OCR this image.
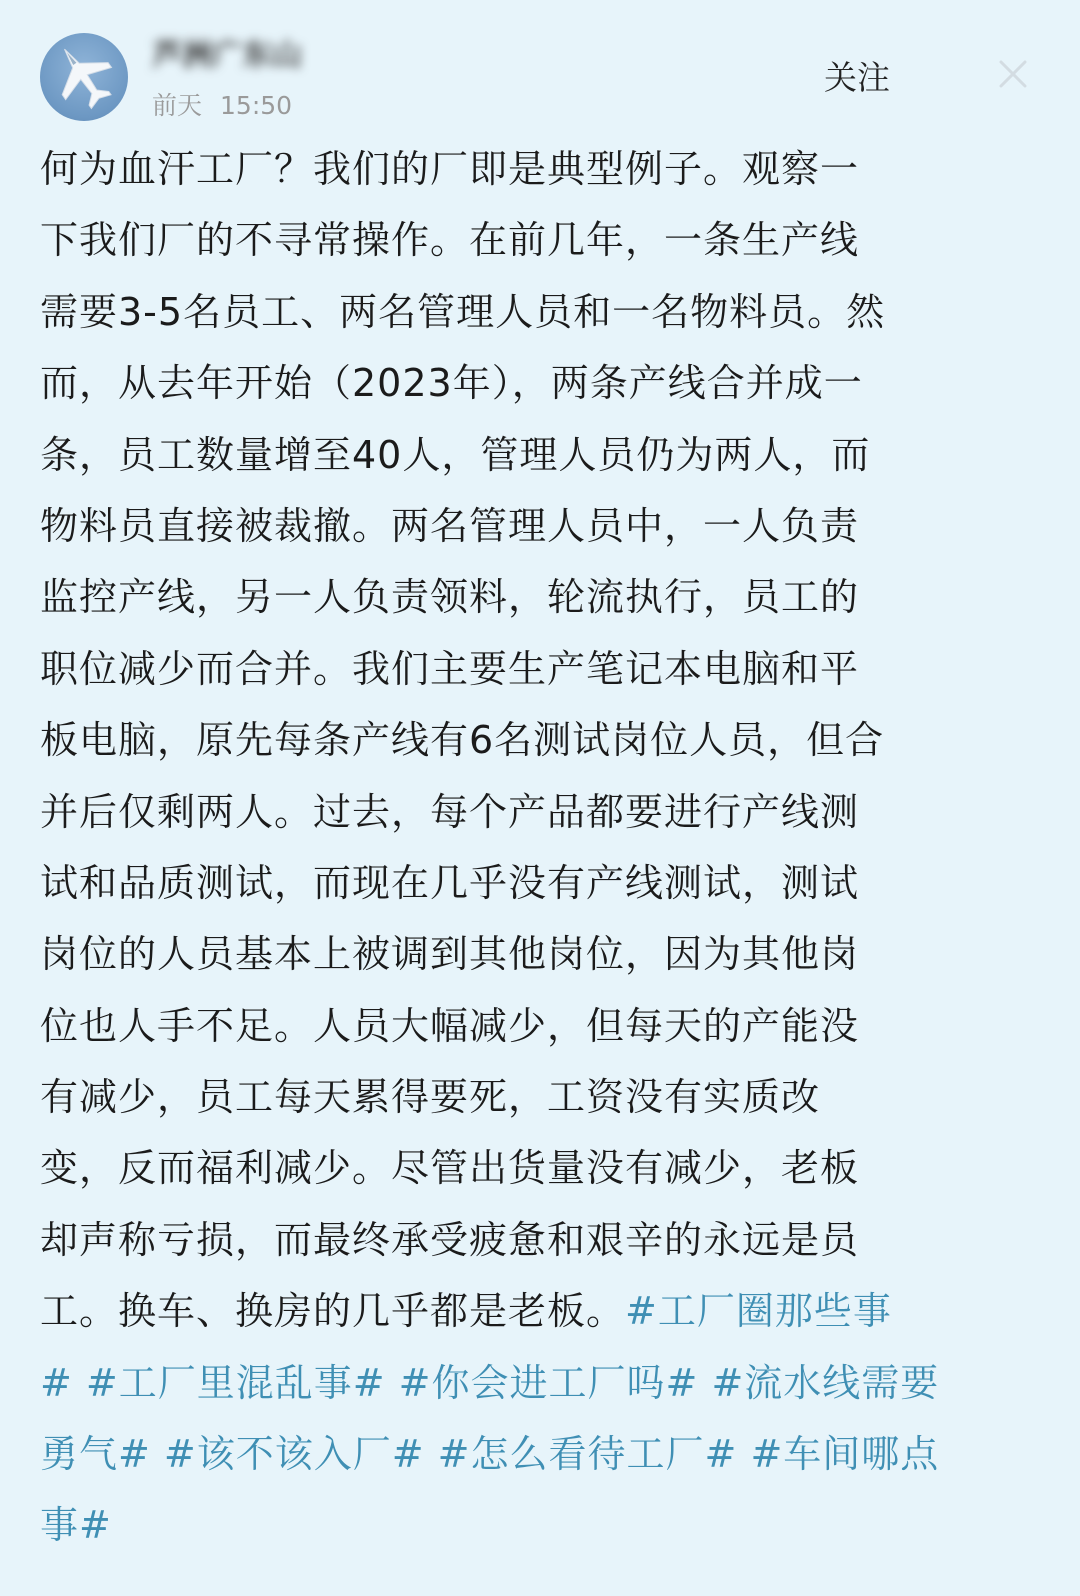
芦洲广东山
前天 15:50
关注
何为血汗工厂？我们的厂即是典型例子。观察一
下我们厂的不寻常操作。在前几年，一条生产线
需要3-5名员工、两名管理人员和一名物料员。然
而，从去年开始（2023年），两条产线合并成一
条，员工数量增至40人，管理人员仍为两人，而
物料员直接被裁撤。两名管理人员中，一人负责
监控产线，另一人负责领料，轮流执行，员工的
职位减少而合并。我们主要生产笔记本电脑和平
板电脑，原先每条产线有6名测试岗位人员，但合
并后仅剩两人。过去，每个产品都要进行产线测
试和品质测试，而现在几乎没有产线测试，测试
岗位的人员基本上被调到其他岗位，因为其他岗
位也人手不足。人员大幅减少，但每天的产能没
有减少，员工每天累得要死，工资没有实质改
变，反而福利减少。尽管出货量没有减少，老板
却声称亏损，而最终承受疲惫和艰辛的永远是员
工。换车、换房的几乎都是老板。#工厂圈那些事
# #工厂里混乱事# #你会进工厂吗# #流水线需要
勇气# #该不该入厂# #怎么看待工厂# #车间哪点
事#
